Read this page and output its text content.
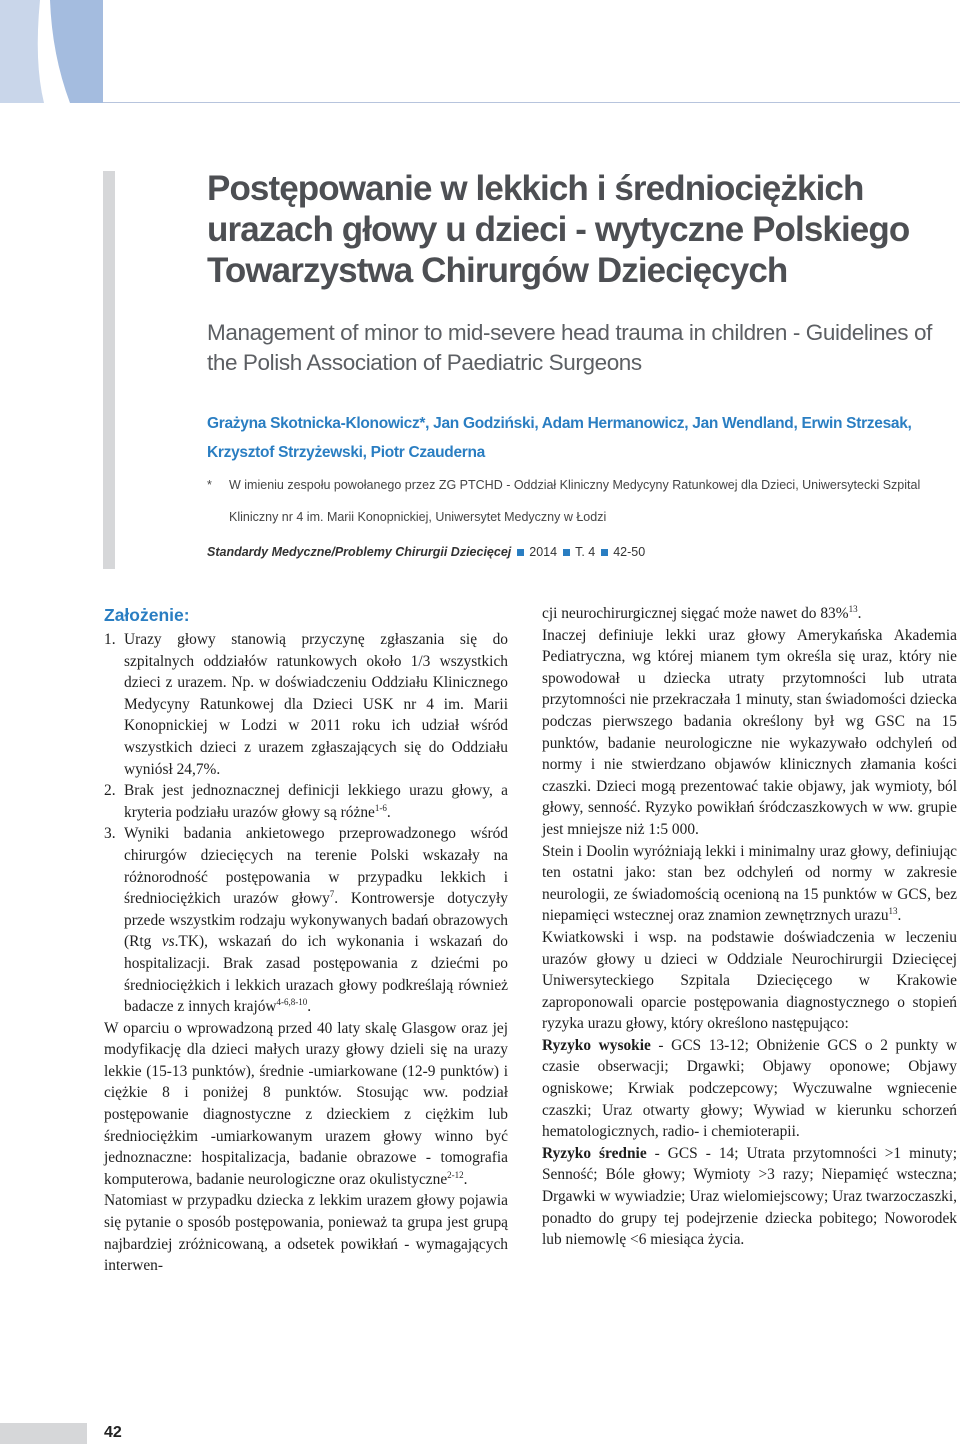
Postępowanie w lekkich i średniociężkich urazach głowy u dzieci - wytyczne Polskiego Towarzystwa Chirurgów Dziecięcych

Management of minor to mid-severe head trauma in children - Guidelines of the Polish Association of Paediatric Surgeons

Grażyna Skotnicka-Klonowicz*, Jan Godziński, Adam Hermanowicz, Jan Wendland, Erwin Strzesak, Krzysztof Strzyżewski, Piotr Czauderna

*	W imieniu zespołu powołanego przez ZG PTCHD - Oddział Kliniczny Medycyny Ratunkowej dla Dzieci, Uniwersytecki Szpital Kliniczny nr 4 im. Marii Konopnickiej, Uniwersytet Medyczny w Łodzi
Standardy Medyczne/Problemy Chirurgii Dziecięcej 2014 T. 4 42-50
Założenie:
1. Urazy głowy stanowią przyczynę zgłaszania się do szpitalnych oddziałów ratunkowych około 1/3 wszystkich dzieci z urazem. Np. w doświadczeniu Oddziału Klinicznego Medycyny Ratunkowej dla Dzieci USK nr 4 im. Marii Konopnickiej w Lodzi w 2011 roku ich udział wśród wszystkich dzieci z urazem zgłaszających się do Oddziału wyniósł 24,7%.
2. Brak jest jednoznacznej definicji lekkiego urazu głowy, a kryteria podziału urazów głowy są różne$^{1-6}$.
3. Wyniki badania ankietowego przeprowadzonego wśród chirurgów dziecięcych na terenie Polski wskazały na różnorodność postępowania w przypadku lekkich i średniociężkich urazów głowy$^7$. Kontrowersje dotyczyły przede wszystkim rodzaju wykonywanych badań obrazowych (Rtg vs.TK), wskazań do ich wykonania i wskazań do hospitalizacji. Brak zasad postępowania z dziećmi po średniociężkich i lekkich urazach głowy podkreślają również badacze z innych krajów$^{4-6,8-10}$.

W oparciu o wprowadzoną przed 40 laty skalę Glasgow oraz jej modyfikację dla dzieci małych urazy głowy dzieli się na urazy lekkie (15-13 punktów), średnie -umiarkowane (12-9 punktów) i ciężkie 8 i poniżej 8 punktów. Stosując ww. podział postępowanie diagnostyczne z dzieckiem z ciężkim lub średniociężkim -umiarkowanym urazem głowy winno być jednoznaczne: hospitalizacja, badanie obrazowe - tomografia komputerowa, badanie neurologiczne oraz okulistyczne$^{2-12}$.

Natomiast w przypadku dziecka z lekkim urazem głowy pojawia się pytanie o sposób postępowania, ponieważ ta grupa jest grupą najbardziej zróżnicowaną, a odsetek powikłań - wymagających interwen-

cji neurochirurgicznej sięgać może nawet do 83%$^{13}$.

Inaczej definiuje lekki uraz głowy Amerykańska Akademia Pediatryczna, wg której mianem tym określa się uraz, który nie spowodował u dziecka utraty przytomności lub utrata przytomności nie przekraczała 1 minuty, stan świadomości dziecka podczas pierwszego badania określony był wg GSC na 15 punktów, badanie neurologiczne nie wykazywało odchyleń od normy i nie stwierdzano objawów klinicznych złamania kości czaszki. Dzieci mogą prezentować takie objawy, jak wymioty, ból głowy, senność. Ryzyko powikłań śródczaszkowych w ww. grupie jest mniejsze niż 1:5 000.

Stein i Doolin wyróżniają lekki i minimalny uraz głowy, definiując ten ostatni jako: stan bez odchyleń od normy w zakresie neurologii, ze świadomością ocenioną na 15 punktów w GCS, bez niepamięci wstecznej oraz znamion zewnętrznych urazu$^{13}$.

Kwiatkowski i wsp. na podstawie doświadczenia w leczeniu urazów głowy u dzieci w Oddziale Neurochirurgii Dziecięcej Uniwersyteckiego Szpitala Dziecięcego w Krakowie zaproponowali oparcie postępowania diagnostycznego o stopień ryzyka urazu głowy, który określono następująco:

Ryzyko wysokie - GCS 13-12; Obniżenie GCS o 2 punkty w czasie obserwacji; Drgawki; Objawy oponowe; Objawy ogniskowe; Krwiak podczepcowy; Wyczuwalne wgniecenie czaszki; Uraz otwarty głowy; Wywiad w kierunku schorzeń hematologicznych, radio- i chemioterapii.

Ryzyko średnie - GCS - 14; Utrata przytomności >1 minuty; Senność; Bóle głowy; Wymioty >3 razy; Niepamięć wsteczna; Drgawki w wywiadzie; Uraz wielomiejscowy; Uraz twarzoczaszki, ponadto do grupy tej podejrzenie dziecka pobitego; Noworodek lub niemowlę <6 miesiąca życia.

42
